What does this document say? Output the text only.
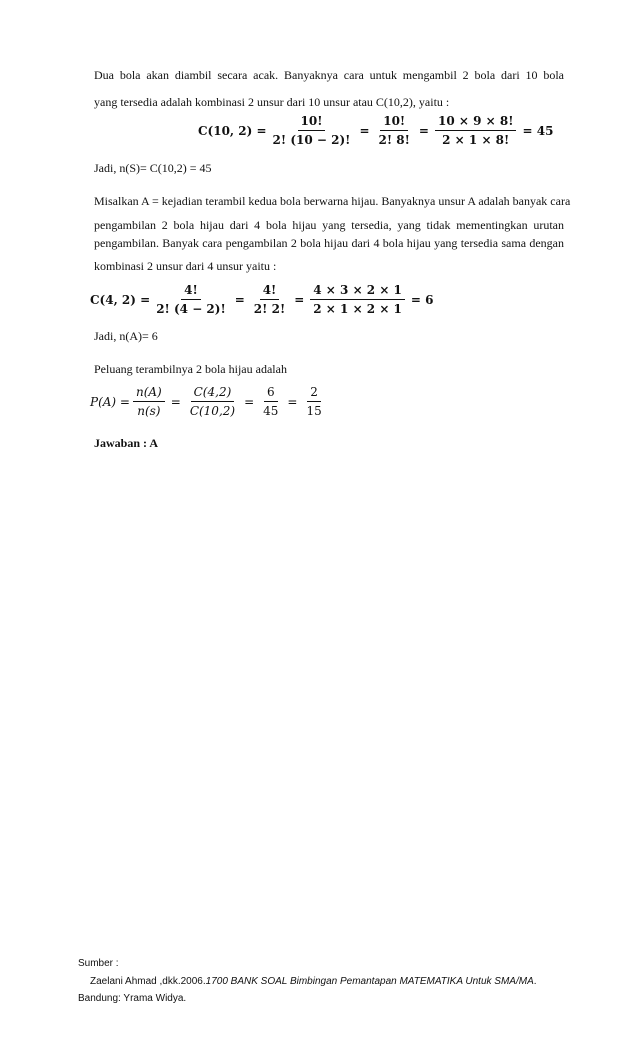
Dua bola akan diambil secara acak. Banyaknya cara untuk mengambil 2 bola dari 10 bola
yang tersedia adalah kombinasi 2 unsur dari 10 unsur atau C(10,2), yaitu :
C(10, $2) = \frac{10!}{2! (10 - 2)!} = \frac{10!}{2! 8!} = \frac{10 \times 9 \times 8!}{2 \times 1 \times 8!} = 45$
Jadi, n(S)= C(10,2) = 45
Misalkan A = kejadian terambil kedua bola berwarna hijau. Banyaknya unsur A adalah banyak cara
pengambilan 2 bola hijau dari 4 bola hijau yang tersedia, yang tidak mementingkan urutan
pengambilan. Banyak cara pengambilan 2 bola hijau dari 4 bola hijau yang tersedia sama dengan
kombinasi 2 unsur dari 4 unsur yaitu :
C(4, $2) = \frac{4!}{2! (4 - 2)!} = \frac{4!}{2! 2!} = \frac{4 \times 3 \times 2 \times 1}{2 \times 1 \times 2 \times 1} = 6$
Jadi, n(A)= 6
Peluang terambilnya 2 bola hijau adalah
$P(A) = \frac{n(A)}{n(s)} = \frac{C(4,2)}{C(10,2)} = \frac{6}{45} = \frac{2}{15}$
Jawaban : A
Sumber :
Zaelani Ahmad ,dkk.2006.1700 BANK SOAL Bimbingan Pemantapan MATEMATIKA Untuk SMA/MA.
Bandung: Yrama Widya.
